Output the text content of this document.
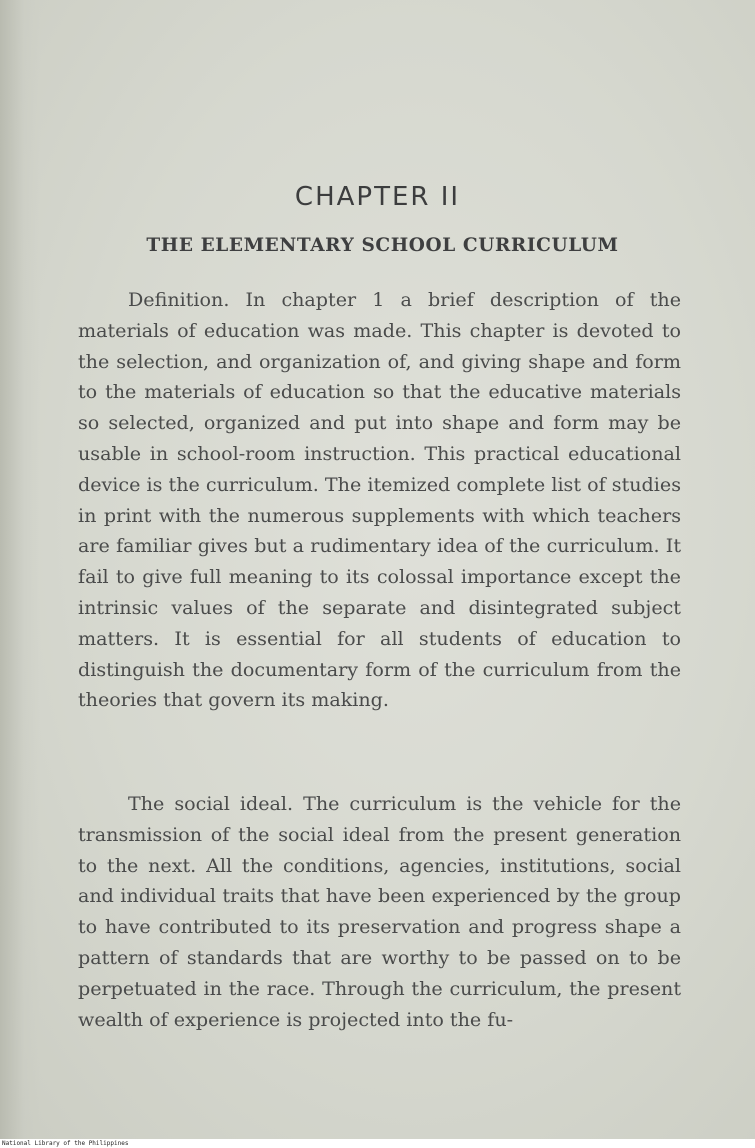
CHAPTER II
THE ELEMENTARY SCHOOL CURRICULUM

Definition. In chapter 1 a brief description of the materials of education was made. This chapter is devoted to the selection, and organization of, and giving shape and form to the materials of education so that the educative materials so selected, organized and put into shape and form may be usable in school-room instruction. This practical educational device is the curriculum. The itemized complete list of studies in print with the numerous supplements with which teachers are familiar gives but a rudimentary idea of the curriculum. It fail to give full meaning to its colossal importance except the intrinsic values of the separate and disintegrated subject matters. It is essential for all students of education to distinguish the documentary form of the curriculum from the theories that govern its making.

The social ideal. The curriculum is the vehicle for the transmission of the social ideal from the present generation to the next. All the conditions, agencies, institutions, social and individual traits that have been experienced by the group to have contributed to its preservation and progress shape a pattern of standards that are worthy to be passed on to be perpetuated in the race. Through the curriculum, the present wealth of experience is projected into the fu-

National Library of the Philippines
